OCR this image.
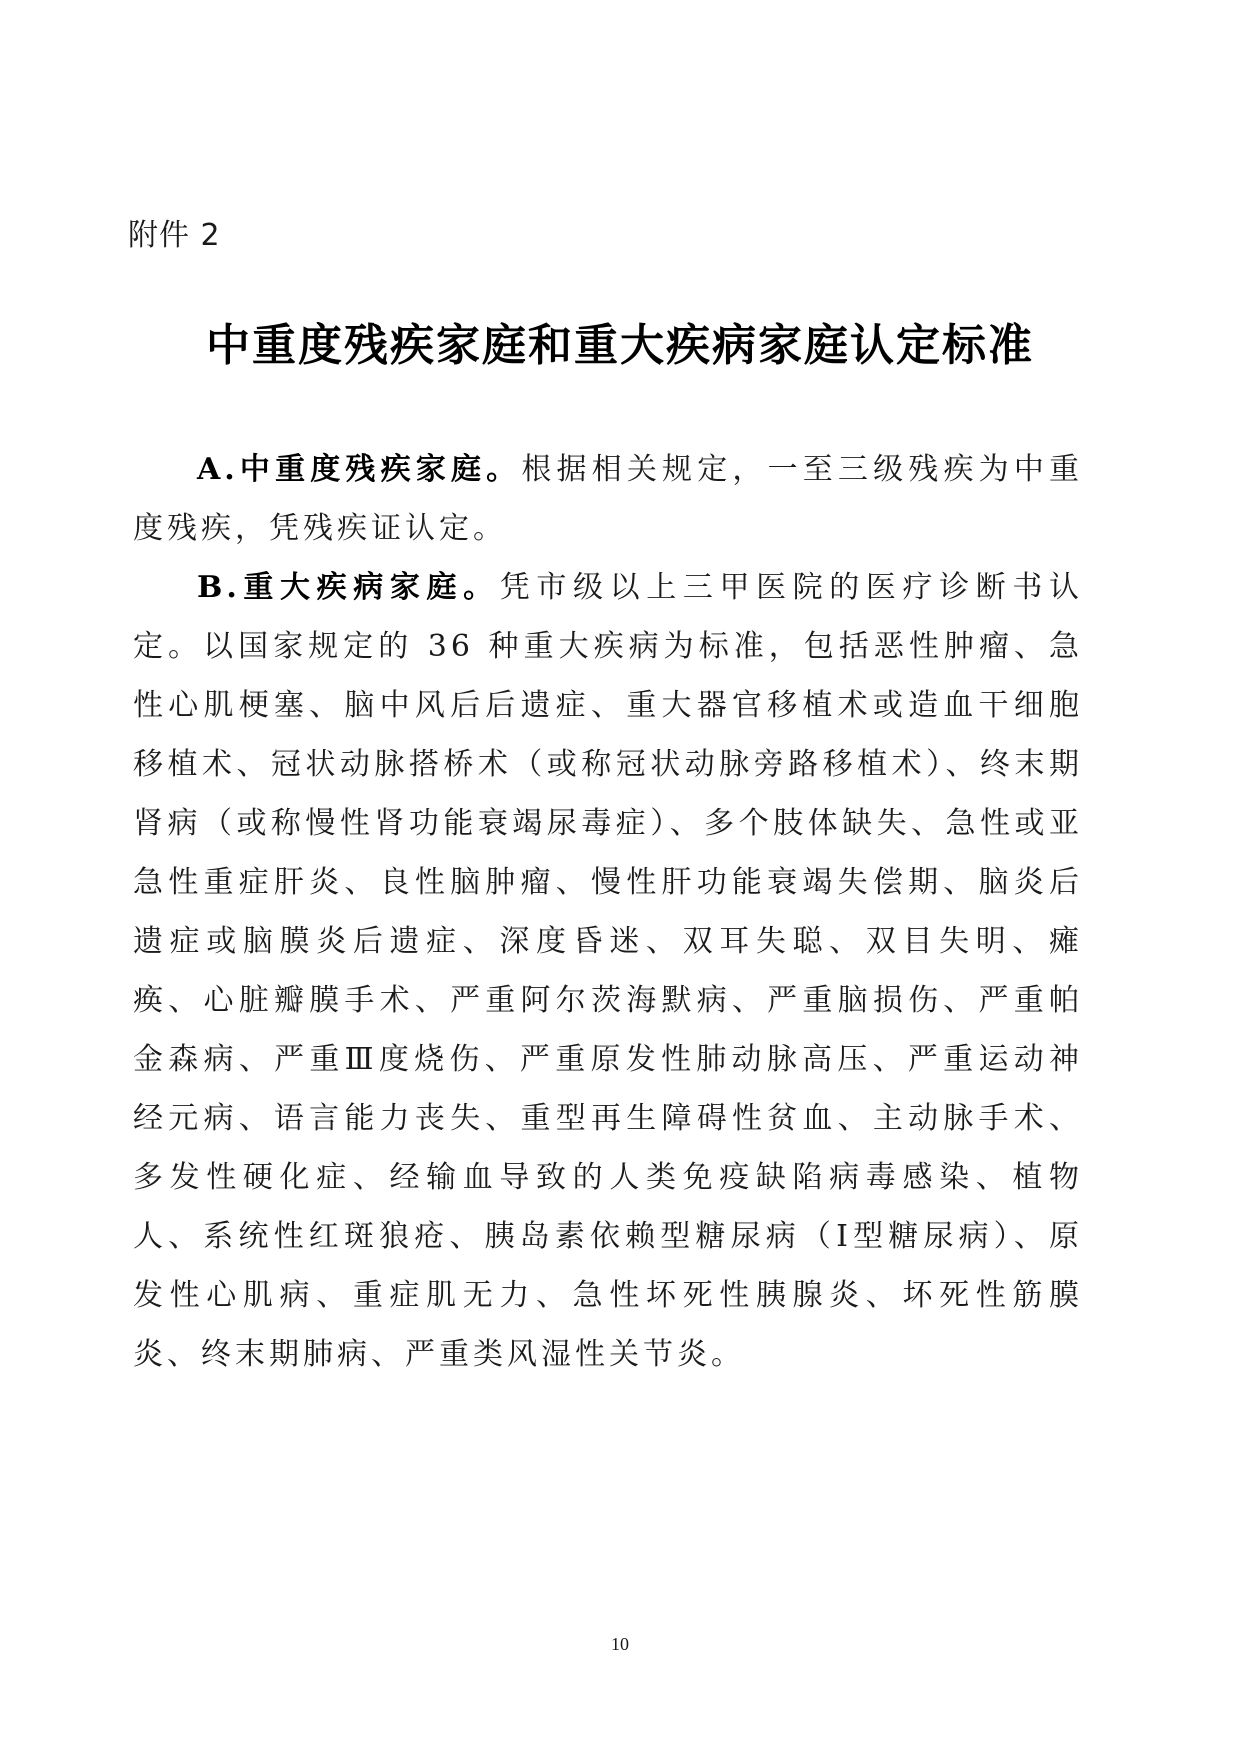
附件 2
中重度残疾家庭和重大疾病家庭认定标准

A.中重度残疾家庭。根据相关规定，一至三级残疾为中重度残疾，凭残疾证认定。

B.重大疾病家庭。凭市级以上三甲医院的医疗诊断书认定。以国家规定的 36 种重大疾病为标准，包括恶性肿瘤、急性心肌梗塞、脑中风后后遗症、重大器官移植术或造血干细胞移植术、冠状动脉搭桥术（或称冠状动脉旁路移植术）、终末期肾病（或称慢性肾功能衰竭尿毒症）、多个肢体缺失、急性或亚急性重症肝炎、良性脑肿瘤、慢性肝功能衰竭失偿期、脑炎后遗症或脑膜炎后遗症、深度昏迷、双耳失聪、双目失明、瘫痪、心脏瓣膜手术、严重阿尔茨海默病、严重脑损伤、严重帕金森病、严重Ⅲ度烧伤、严重原发性肺动脉高压、严重运动神经元病、语言能力丧失、重型再生障碍性贫血、主动脉手术、多发性硬化症、经输血导致的人类免疫缺陷病毒感染、植物人、系统性红斑狼疮、胰岛素依赖型糖尿病（Ⅰ型糖尿病）、原发性心肌病、重症肌无力、急性坏死性胰腺炎、坏死性筋膜炎、终末期肺病、严重类风湿性关节炎。

10
